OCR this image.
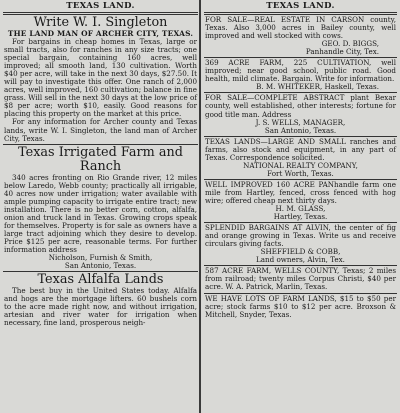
TEXAS LAND.
Write W. I. Singleton
THE LAND MAN OF ARCHER CITY, TEXAS.
For bargains in cheap homes in Texas, large or small tracts, also for ranches in any size tracts; one special bargain, containing 160 acres, well improved; all smooth land, 130 cultivation. Worth $40 per acre, will take in the next 30 days, $27.50. It will pay to investigate this offer. One ranch of 2,000 acres, well improved, 160 cultivation; balance in fine grass. Will sell in the next 30 days at the low price of $8 per acre; worth $10, easily. Good reasons for placing this property on the market at this price.
For any information for Archer county and Texas lands, write W. I. Singleton, the land man of Archer City, Texas.
Texas Irrigated Farm and
Ranch
340 acres fronting on Rio Grande river, 12 miles below Laredo, Webb county; practically all irrigable, 40 acres now under irrigation; water available with ample pumping capacity to irrigate entire tract; new installation. There is no better corn, cotton, alfalfa, onion and truck land in Texas. Growing crops speak for themselves. Property is for sale as owners have a large tract adjoining which they desire to develop. Price $125 per acre, reasonable terms. For further information address
Nicholson, Furnish & Smith,
San Antonio, Texas.
Texas Alfalfa Lands
The best buy in the United States today. Alfalfa and hogs are the mortgage lifters. 60 bushels corn to the acre made right now, and without irrigation, artesian and river water for irrigation when necessary, fine land, prosperous neigh-
TEXAS LAND.
FOR SALE—REAL ESTATE IN CARSON county, Texas. Also 3,000 acres in Bailey county, well improved and well stocked with cows.
GEO. D. BIGGS,
Panhandle City, Tex.
369 ACRE FARM, 225 CULTIVATION, well improved; near good school, public road. Good health, mild climate. Bargain. Write for information.
B. M. WHITEKER, Haskell, Texas.
FOR SALE—COMPLETE ABSTRACT plant Bexar county, well established, other interests; fortune for good title man. Address
J. S. WELLS, MANAGER,
San Antonio, Texas.
TEXAS LANDS—LARGE AND SMALL ranches and farms, also stock and equipment, in any part of Texas. Correspondence solicited.
NATIONAL REALTY COMPANY,
Fort Worth, Texas.
WELL IMPROVED 160 ACRE PANhandle farm one mile from Hartley, fenced, cross fenced with hog wire; offered cheap next thirty days.
H. M. GLASS,
Hartley, Texas.
SPLENDID BARGAINS AT ALVIN, the center of fig and orange growing in Texas. Write us and receive circulars giving facts.
SHEFFIELD & COBB,
Land owners, Alvin, Tex.
587 ACRE FARM, WELLS COUNTY, Texas; 2 miles from railroad; twenty miles Corpus Christi, $40 per acre. W. A. Patrick, Marlin, Texas.
WE HAVE LOTS OF FARM LANDS, $15 to $50 per acre; stock farms $10 to $12 per acre. Broxson & Mitchell, Snyder, Texas.
